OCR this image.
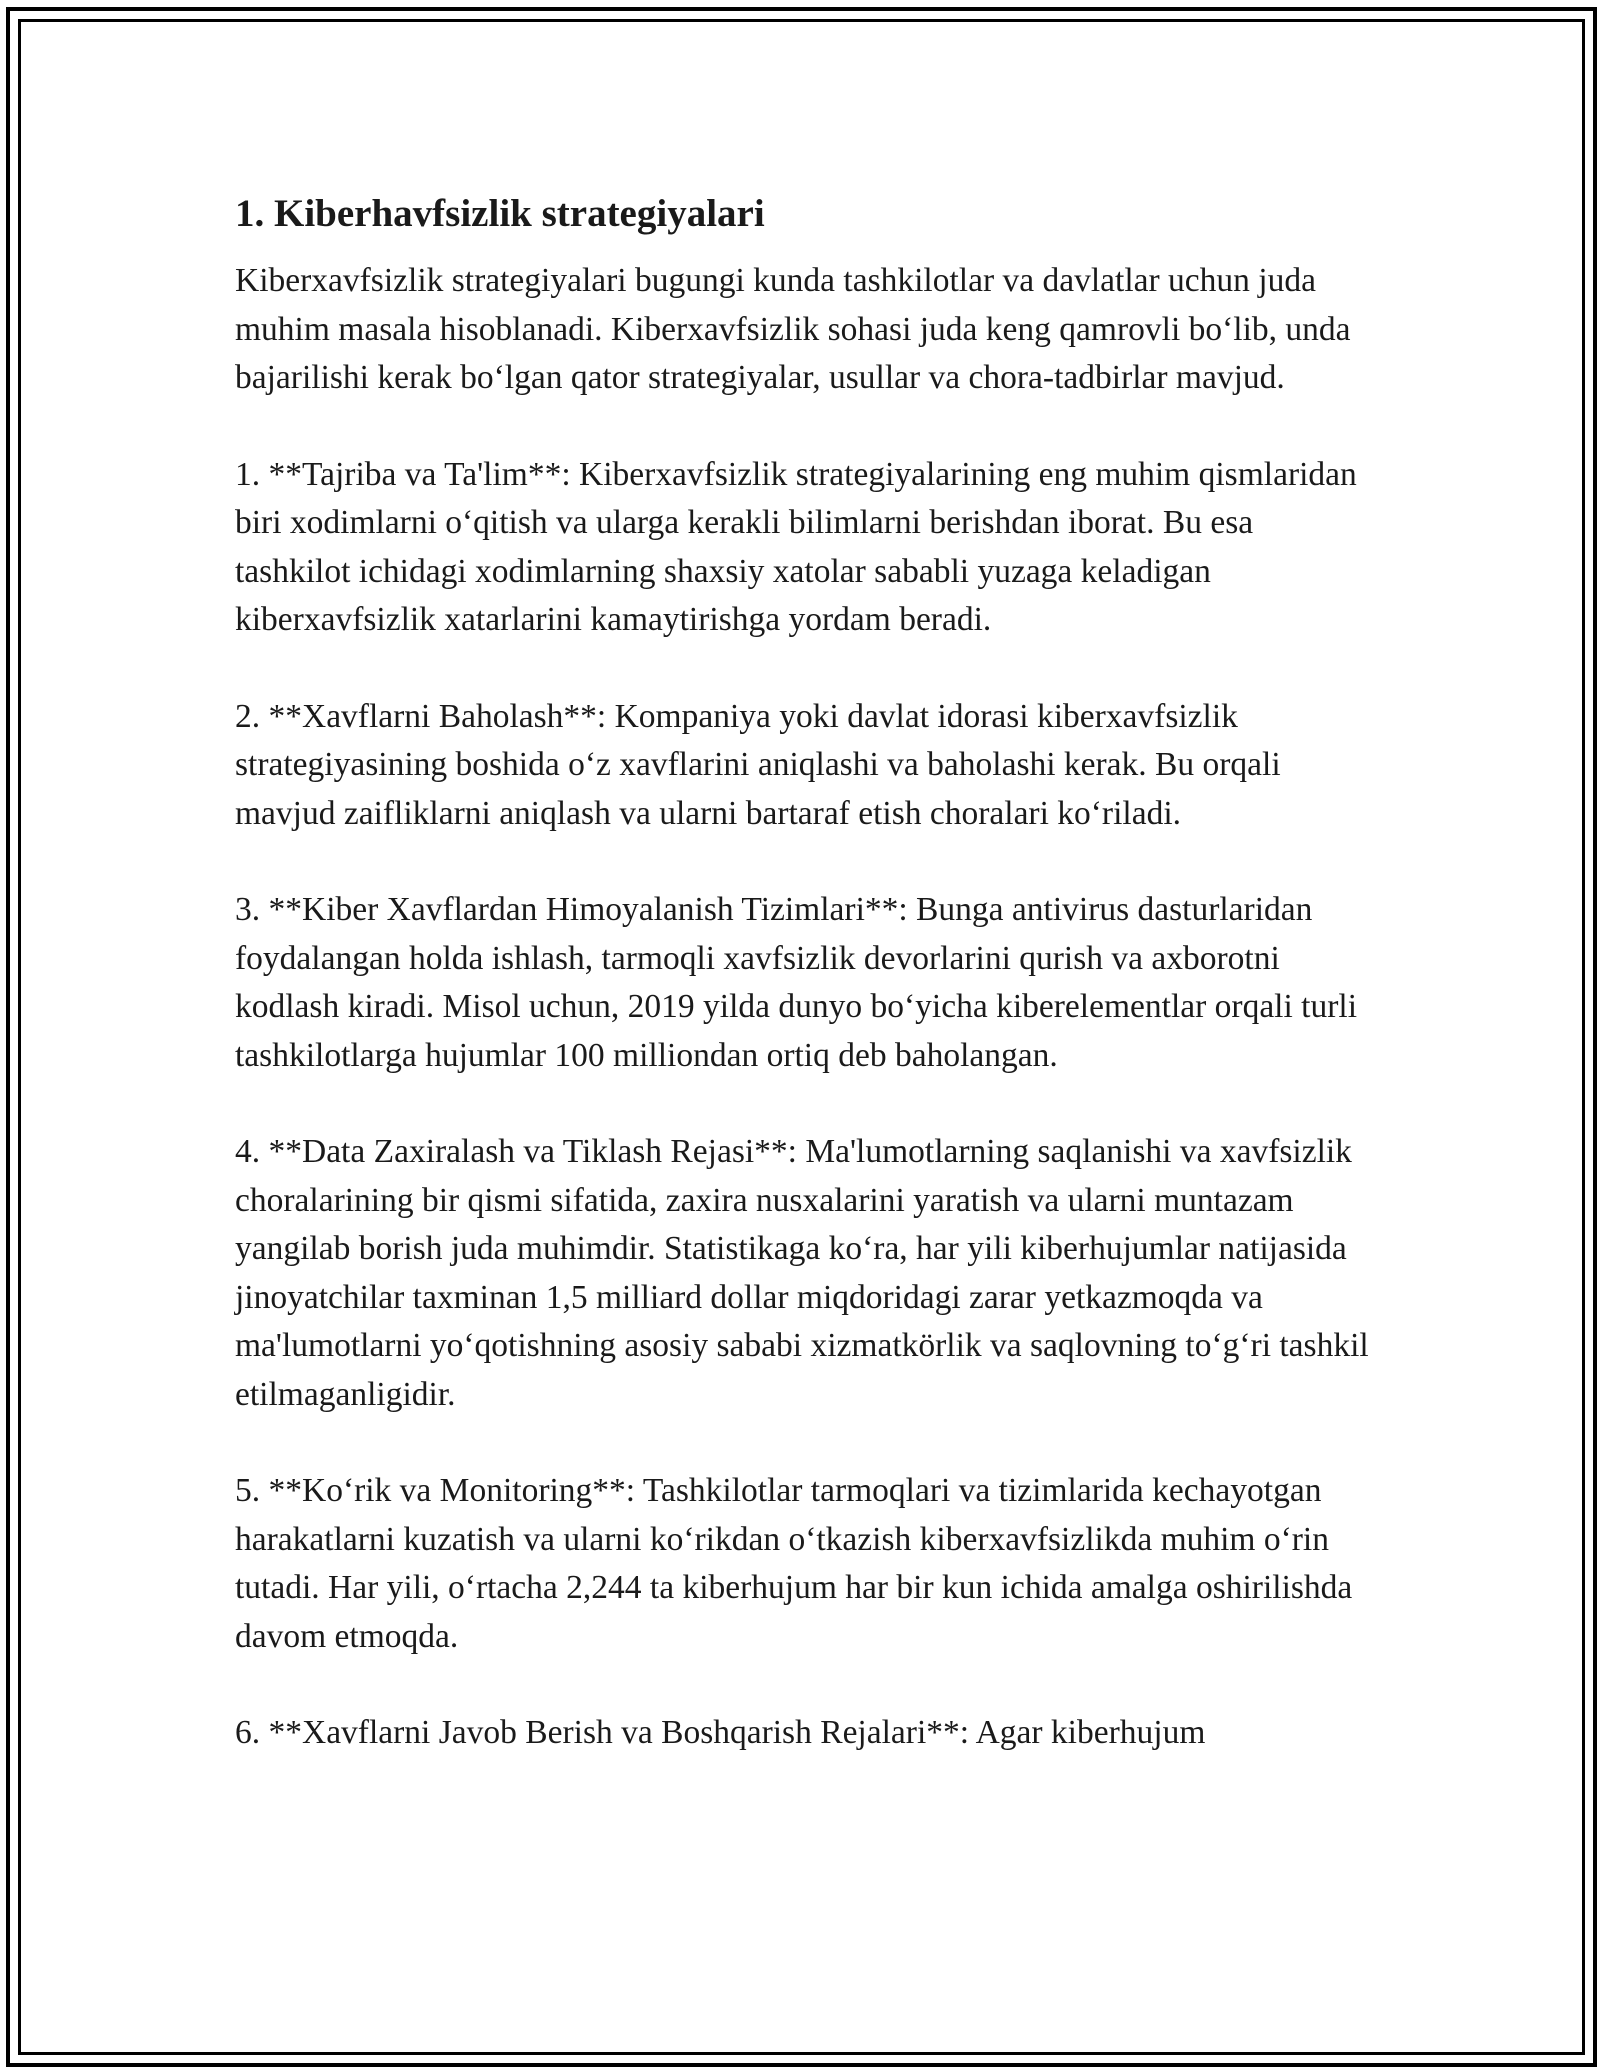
1. Kiberhavfsizlik strategiyalari

Kiberxavfsizlik strategiyalari bugungi kunda tashkilotlar va davlatlar uchun juda muhim masala hisoblanadi. Kiberxavfsizlik sohasi juda keng qamrovli bo‘lib, unda bajarilishi kerak bo‘lgan qator strategiyalar, usullar va chora-tadbirlar mavjud.

1. **Tajriba va Ta'lim**: Kiberxavfsizlik strategiyalarining eng muhim qismlaridan biri xodimlarni o‘qitish va ularga kerakli bilimlarni berishdan iborat. Bu esa tashkilot ichidagi xodimlarning shaxsiy xatolar sababli yuzaga keladigan kiberxavfsizlik xatarlarini kamaytirishga yordam beradi.

2. **Xavflarni Baholash**: Kompaniya yoki davlat idorasi kiberxavfsizlik strategiyasining boshida o‘z xavflarini aniqlashi va baholashi kerak. Bu orqali mavjud zaifliklarni aniqlash va ularni bartaraf etish choralari ko‘riladi.

3. **Kiber Xavflardan Himoyalanish Tizimlari**: Bunga antivirus dasturlaridan foydalangan holda ishlash, tarmoqli xavfsizlik devorlarini qurish va axborotni kodlash kiradi. Misol uchun, 2019 yilda dunyo bo‘yicha kiberelementlar orqali turli tashkilotlarga hujumlar 100 milliondan ortiq deb baholangan.

4. **Data Zaxiralash va Tiklash Rejasi**: Ma'lumotlarning saqlanishi va xavfsizlik choralarining bir qismi sifatida, zaxira nusxalarini yaratish va ularni muntazam yangilab borish juda muhimdir. Statistikaga ko‘ra, har yili kiberhujumlar natijasida jinoyatchilar taxminan 1,5 milliard dollar miqdoridagi zarar yetkazmoqda va ma'lumotlarni yo‘qotishning asosiy sababi xizmatkörlik va saqlovning to‘g‘ri tashkil etilmaganligidir.

5. **Ko‘rik va Monitoring**: Tashkilotlar tarmoqlari va tizimlarida kechayotgan harakatlarni kuzatish va ularni ko‘rikdan o‘tkazish kiberxavfsizlikda muhim o‘rin tutadi. Har yili, o‘rtacha 2,244 ta kiberhujum har bir kun ichida amalga oshirilishda davom etmoqda.

6. **Xavflarni Javob Berish va Boshqarish Rejalari**: Agar kiberhujum
